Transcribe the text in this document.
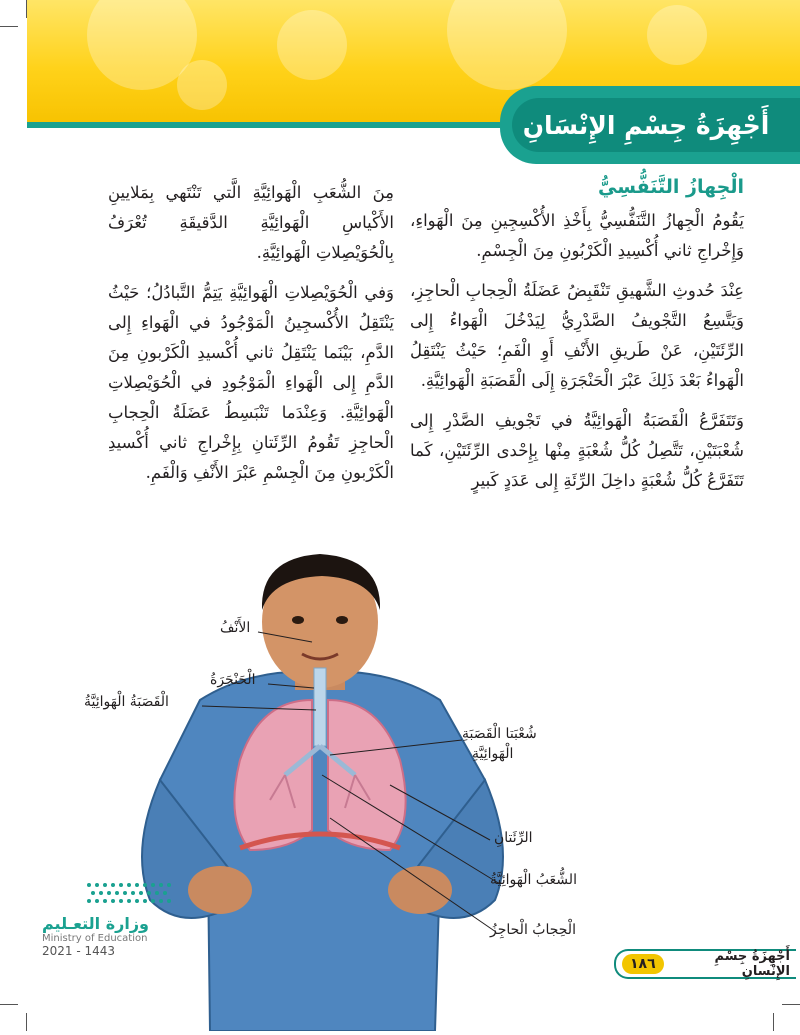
أَجْهِزَةُ جِسْمِ الإِنْسَانِ
الْجِهازُ التَّنَفُّسِيُّ

يَقُومُ الْجِهازُ التَّنَفُّسِيُّ بِأَخْذِ الأُكْسِجِينِ مِنَ الْهَواءِ، وَإِخْراجِ ثاني أُكْسِيدِ الْكَرْبُونِ مِنَ الْجِسْمِ.

عِنْدَ حُدوثِ الشَّهيقِ تَنْقَبِضُ عَضَلَةُ الْحِجابِ الْحاجِزِ، وَيَتَّسِعُ التَّجْويفُ الصَّدْرِيُّ لِيَدْخُلَ الْهَواءُ إِلى الرِّئَتَيْنِ، عَنْ طَريقِ الأَنْفِ أَوِ الْفَمِ؛ حَيْثُ يَنْتَقِلُ الْهَواءُ بَعْدَ ذَلِكَ عَبْرَ الْحَنْجَرَةِ إِلَى الْقَصَبَةِ الْهَوائِيَّةِ.

وَتَتَفَرَّعُ الْقَصَبَةُ الْهَوائِيَّةُ في تَجْويفِ الصَّدْرِ إِلى شُعْبَتَيْنِ، تَتَّصِلُ كُلُّ شُعْبَةٍ مِنْها بِإِحْدى الرِّئَتَيْنِ، كَما تَتَفَرَّعُ كُلُّ شُعْبَةٍ داخِلَ الرِّئَةِ إِلى عَدَدٍ كَبيرٍ

مِنَ الشُّعَبِ الْهَوائِيَّةِ الَّتي تَنْتَهي بِمَلايينِ الأَكْياسِ الْهَوائِيَّةِ الدَّقيقَةِ تُعْرَفُ بِالْحُوَيْصِلاتِ الْهَوائِيَّةِ.

وَفي الْحُوَيْصِلاتِ الْهَوائِيَّةِ يَتِمُّ التَّبادُلُ؛ حَيْثُ يَنْتَقِلُ الأُكْسجِينُ الْمَوْجُودُ في الْهَواءِ إِلى الدَّمِ، بَيْنَما يَنْتَقِلُ ثاني أُكْسيدِ الْكَرْبونِ مِنَ الدَّمِ إِلى الْهَواءِ الْمَوْجُودِ في الْحُوَيْصِلاتِ الْهَوائِيَّةِ. وَعِنْدَما تَنْبَسِطُ عَضَلَةُ الْحِجابِ الْحاجِزِ تَقُومُ الرِّئَتانِ بِإِخْراجِ ثاني أُكْسيدِ الْكَرْبونِ مِنَ الْجِسْمِ عَبْرَ الأَنْفِ وَالْفَمِ.

الأَنْفُ
الْحَنْجَرَةُ
الْقَصَبَةُ الْهَوائِيَّةُ
شُعْبَتا الْقَصَبَةِ
الْهَوائِيَّةِ
الرِّئَتانِ
الشُّعَبُ الْهَوائِيَّةُ
الْحِجابُ الْحاجِزُ
وزارة التعـليم
Ministry of Education
2021 - 1443	أَجْهِزَةُ جِسْمِ الإِنْسانِ
١٨٦
